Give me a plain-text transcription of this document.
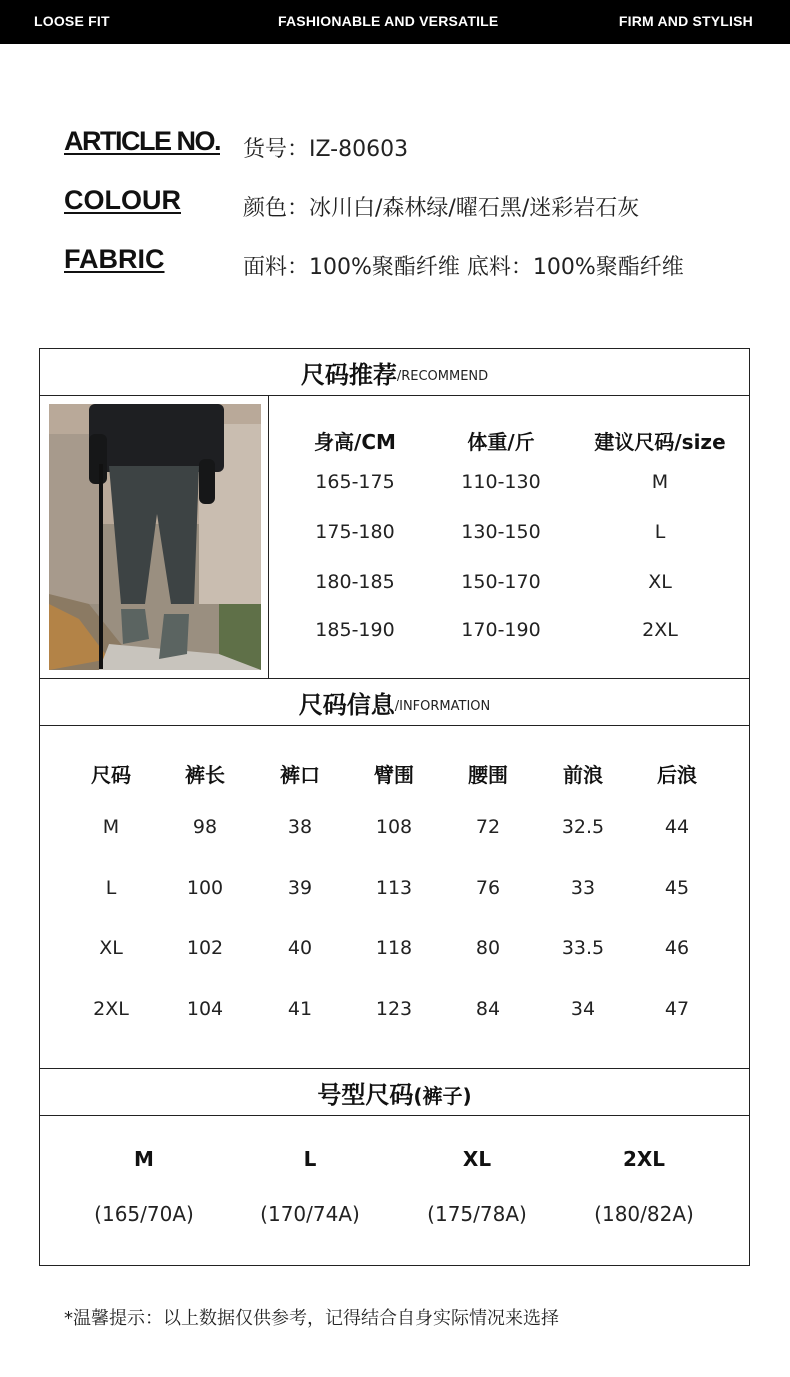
LOOSE FIT	FASHIONABLE AND VERSATILE	FIRM AND STYLISH
ARTICLE NO. 货号：IZ-80603
COLOUR	颜色：冰川白/森林绿/曜石黑/迷彩岩石灰
FABRIC	面料：100%聚酯纤维 底料：100%聚酯纤维
尺码推荐 /RECOMMEND
身高/CM	体重/斤	建议尺码/size
165-175	110-130	M
175-180	130-150	L
180-185	150-170	XL
185-190	170-190	2XL
尺码信息 /INFORMATION
尺码	裤长	裤口	臂围	腰围	前浪	后浪
M	98	38	108	72	32.5	44
L	100	39	113	76	33	45
XL	102	40	118	80	33.5	46
2XL	104	41	123	84	34	47
号型尺码 (裤子)
M	L	XL	2XL
(165/70A)	(170/74A)	(175/78A)	(180/82A)
*温馨提示：以上数据仅供参考，记得结合自身实际情况来选择
